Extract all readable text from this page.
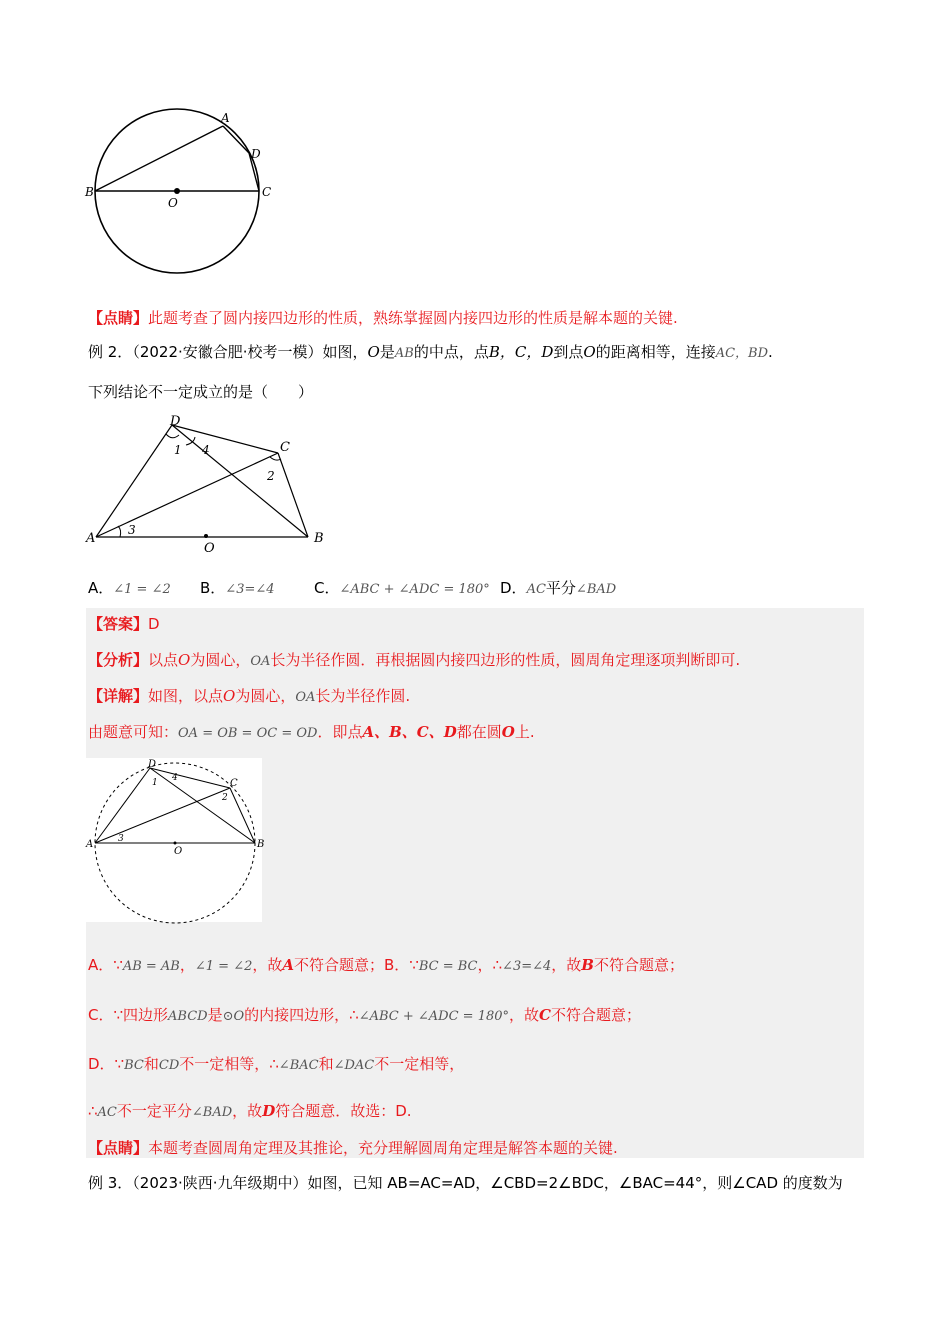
A
D
B	C
O
【点睛】此题考查了圆内接四边形的性质，熟练掌握圆内接四边形的性质是解本题的关键.
例 2．（2022·安徽合肥·校考一模）如图，O是AB的中点，点B，C，D到点O的距离相等，连接AC，BD.
下列结论不一定成立的是（　　）
D
C
A	B
O
1 4
2
3
A．∠1 = ∠2 B．∠3=∠4	C．∠ABC + ∠ADC = 180° D．AC平分∠BAD
【答案】D
【分析】以点O为圆心，OA长为半径作圆．再根据圆内接四边形的性质，圆周角定理逐项判断即可.
【详解】如图，以点O为圆心，OA长为半径作圆.
由题意可知：OA = OB = OC = OD．即点A、B、C、D都在圆O上.
D
C
A	B
O
1 4
2
3
A．∵AB = AB，∠1 = ∠2，故A不符合题意；B．∵BC = BC，∴∠3=∠4，故B不符合题意；
C．∵四边形ABCD是⊙O的内接四边形，∴∠ABC + ∠ADC = 180°，故C不符合题意；
D．∵BC和CD不一定相等，∴∠BAC和∠DAC不一定相等，
∴AC不一定平分∠BAD，故D符合题意．故选：D.
【点睛】本题考查圆周角定理及其推论，充分理解圆周角定理是解答本题的关键.
例 3．（2023·陕西·九年级期中）如图，已知 AB=AC=AD，∠CBD=2∠BDC，∠BAC=44°，则∠CAD 的度数为
